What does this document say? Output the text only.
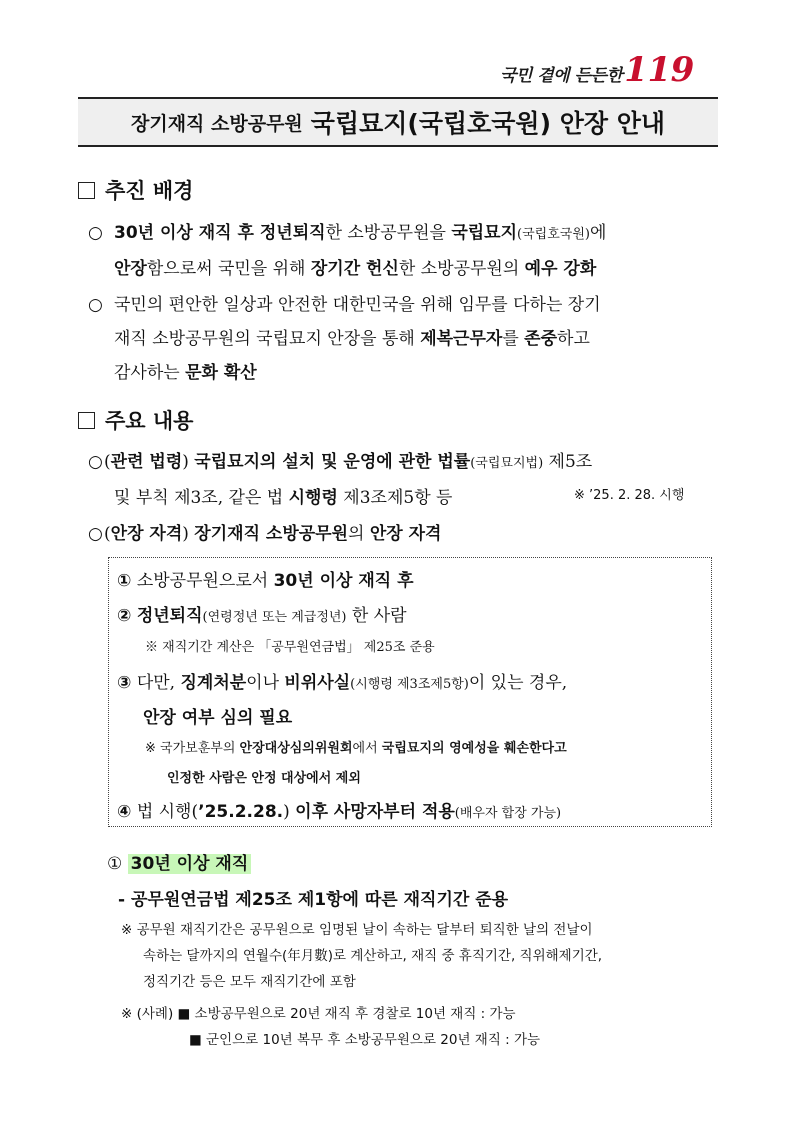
국민 곁에 든든한119
장기재직 소방공무원 국립묘지(국립호국원) 안장 안내
추진 배경
○ 30년 이상 재직 후 정년퇴직한 소방공무원을 국립묘지(국립호국원)에
안장함으로써 국민을 위해 장기간 헌신한 소방공무원의 예우 강화
○ 국민의 편안한 일상과 안전한 대한민국을 위해 임무를 다하는 장기
재직 소방공무원의 국립묘지 안장을 통해 제복근무자를 존중하고
감사하는 문화 확산
주요 내용
○(관련 법령) 국립묘지의 설치 및 운영에 관한 법률(국립묘지법) 제5조
및 부칙 제3조, 같은 법 시행령 제3조제5항 등	※ ’25. 2. 28. 시행
○(안장 자격) 장기재직 소방공무원의 안장 자격
① 소방공무원으로서 30년 이상 재직 후
② 정년퇴직(연령정년 또는 계급정년) 한 사람
※ 재직기간 계산은 「공무원연금법」 제25조 준용
③ 다만, 징계처분이나 비위사실(시행령 제3조제5항)이 있는 경우,
안장 여부 심의 필요
※ 국가보훈부의 안장대상심의위원회에서 국립묘지의 영예성을 훼손한다고
인정한 사람은 안정 대상에서 제외
④ 법 시행(’25.2.28.) 이후 사망자부터 적용(배우자 합장 가능)
① 30년 이상 재직
- 공무원연금법 제25조 제1항에 따른 재직기간 준용
※ 공무원 재직기간은 공무원으로 임명된 날이 속하는 달부터 퇴직한 날의 전날이
속하는 달까지의 연월수(年月數)로 계산하고, 재직 중 휴직기간, 직위해제기간,
정직기간 등은 모두 재직기간에 포함
※ (사례) ■ 소방공무원으로 20년 재직 후 경찰로 10년 재직 : 가능
■ 군인으로 10년 복무 후 소방공무원으로 20년 재직 : 가능
